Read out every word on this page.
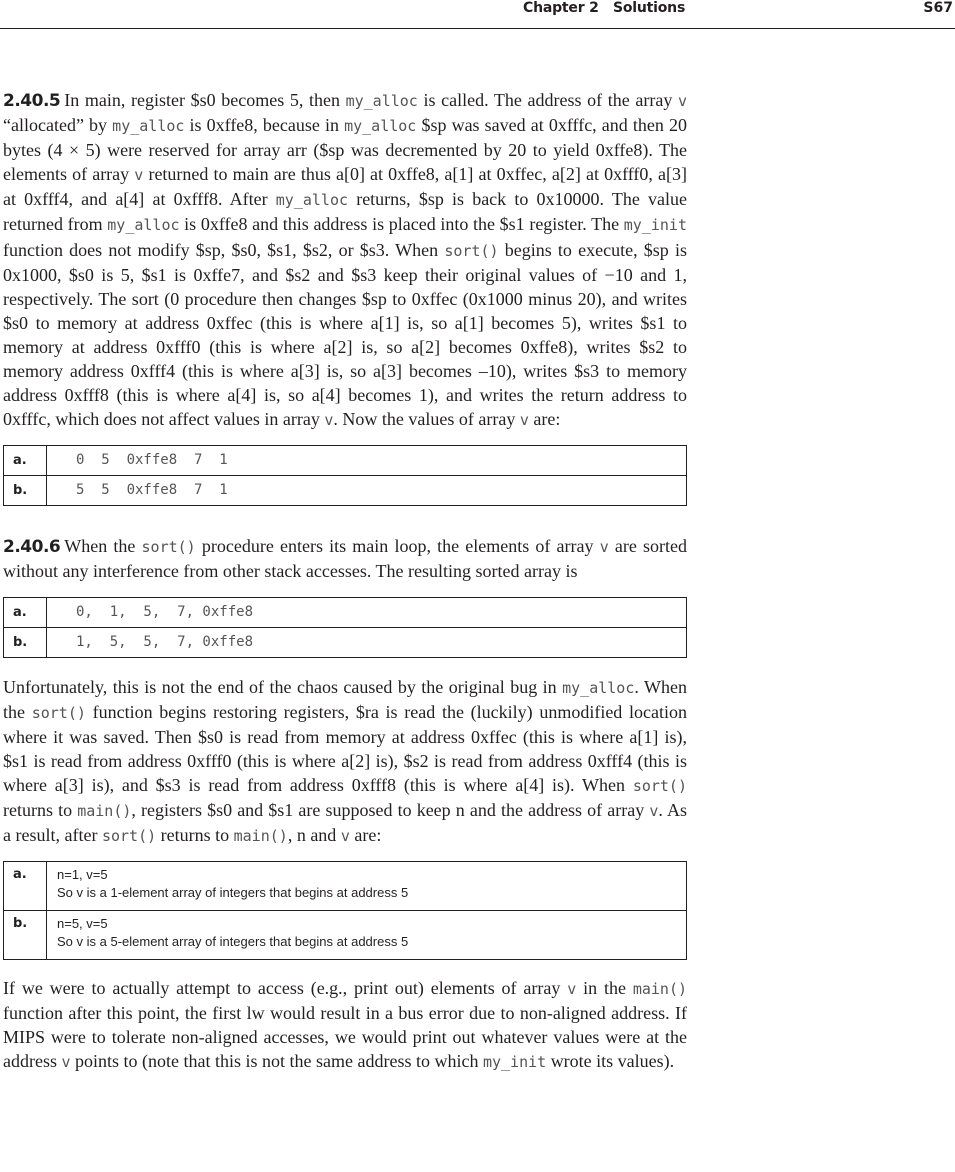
Chapter 2 Solutions	S67

2.40.5 In main, register $s0 becomes 5, then my_alloc is called. The address of the array v “allocated” by my_alloc is 0xffe8, because in my_alloc $sp was saved at 0xfffc, and then 20 bytes (4 × 5) were reserved for array arr ($sp was decremented by 20 to yield 0xffe8). The elements of array v returned to main are thus a[0] at 0xffe8, a[1] at 0xffec, a[2] at 0xfff0, a[3] at 0xfff4, and a[4] at 0xfff8. After my_alloc returns, $sp is back to 0x10000. The value returned from my_alloc is 0xffe8 and this address is placed into the $s1 register. The my_init function does not modify $sp, $s0, $s1, $s2, or $s3. When sort() begins to execute, $sp is 0x1000, $s0 is 5, $s1 is 0xffe7, and $s2 and $s3 keep their original values of −10 and 1, respectively. The sort (0 procedure then changes $sp to 0xffec (0x1000 minus 20), and writes $s0 to memory at address 0xffec (this is where a[1] is, so a[1] becomes 5), writes $s1 to memory at address 0xfff0 (this is where a[2] is, so a[2] becomes 0xffe8), writes $s2 to memory address 0xfff4 (this is where a[3] is, so a[3] becomes –10), writes $s3 to memory address 0xfff8 (this is where a[4] is, so a[4] becomes 1), and writes the return address to 0xfffc, which does not affect values in array v. Now the values of array v are:

a.	0  5  0xffe8  7  1
b.	5  5  0xffe8  7  1

2.40.6 When the sort() procedure enters its main loop, the elements of array v are sorted without any interference from other stack accesses. The resulting sorted array is

a.	0,  1,  5,  7, 0xffe8
b.	1,  5,  5,  7, 0xffe8

Unfortunately, this is not the end of the chaos caused by the original bug in my_alloc. When the sort() function begins restoring registers, $ra is read the (luckily) unmodified location where it was saved. Then $s0 is read from memory at address 0xffec (this is where a[1] is), $s1 is read from address 0xfff0 (this is where a[2] is), $s2 is read from address 0xfff4 (this is where a[3] is), and $s3 is read from address 0xfff8 (this is where a[4] is). When sort() returns to main(), registers $s0 and $s1 are supposed to keep n and the address of array v. As a result, after sort() returns to main(), n and v are:

a.	n=1, v=5
So v is a 1-element array of integers that begins at address 5

b.	n=5, v=5
So v is a 5-element array of integers that begins at address 5

If we were to actually attempt to access (e.g., print out) elements of array v in the main() function after this point, the first lw would result in a bus error due to non-aligned address. If MIPS were to tolerate non-aligned accesses, we would print out whatever values were at the address v points to (note that this is not the same address to which my_init wrote its values).
